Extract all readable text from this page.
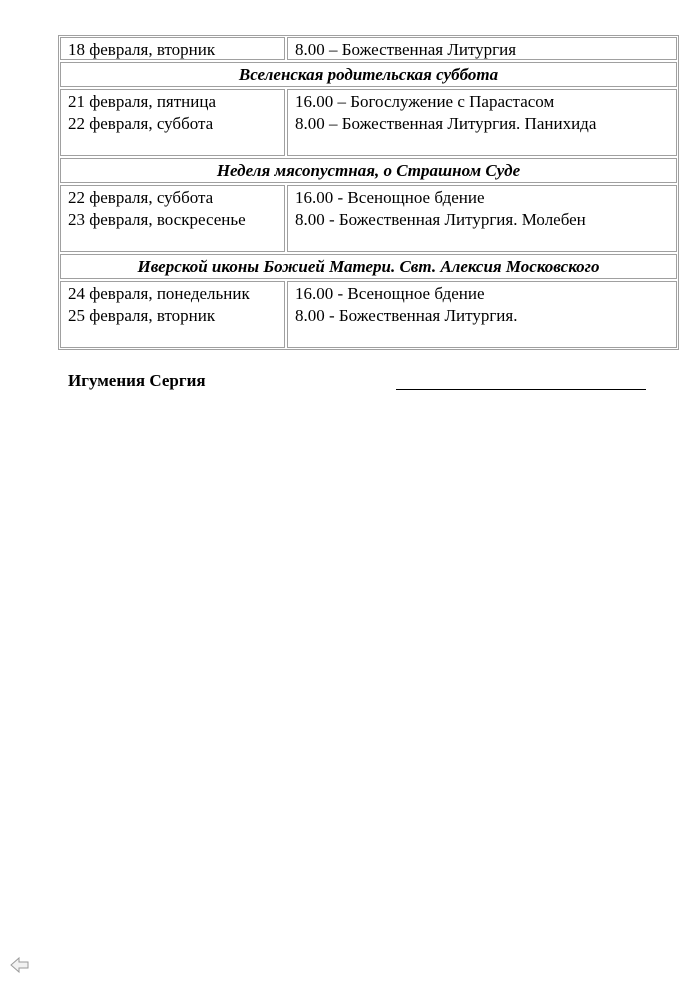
18 февраля, вторник	8.00 – Божественная Литургия
Вселенская родительская суббота
21 февраля, пятница
22 февраля, суббота
16.00 – Богослужение с Парастасом
8.00 – Божественная Литургия. Панихида
Неделя мясопустная, о Страшном Суде
22 февраля, суббота
23 февраля, воскресенье
16.00 - Всенощное бдение
8.00 - Божественная Литургия. Молебен
Иверской иконы Божией Матери. Свт. Алексия Московского
24 февраля, понедельник
25 февраля, вторник
16.00 - Всенощное бдение
8.00 - Божественная Литургия.
Игумения Сергия
